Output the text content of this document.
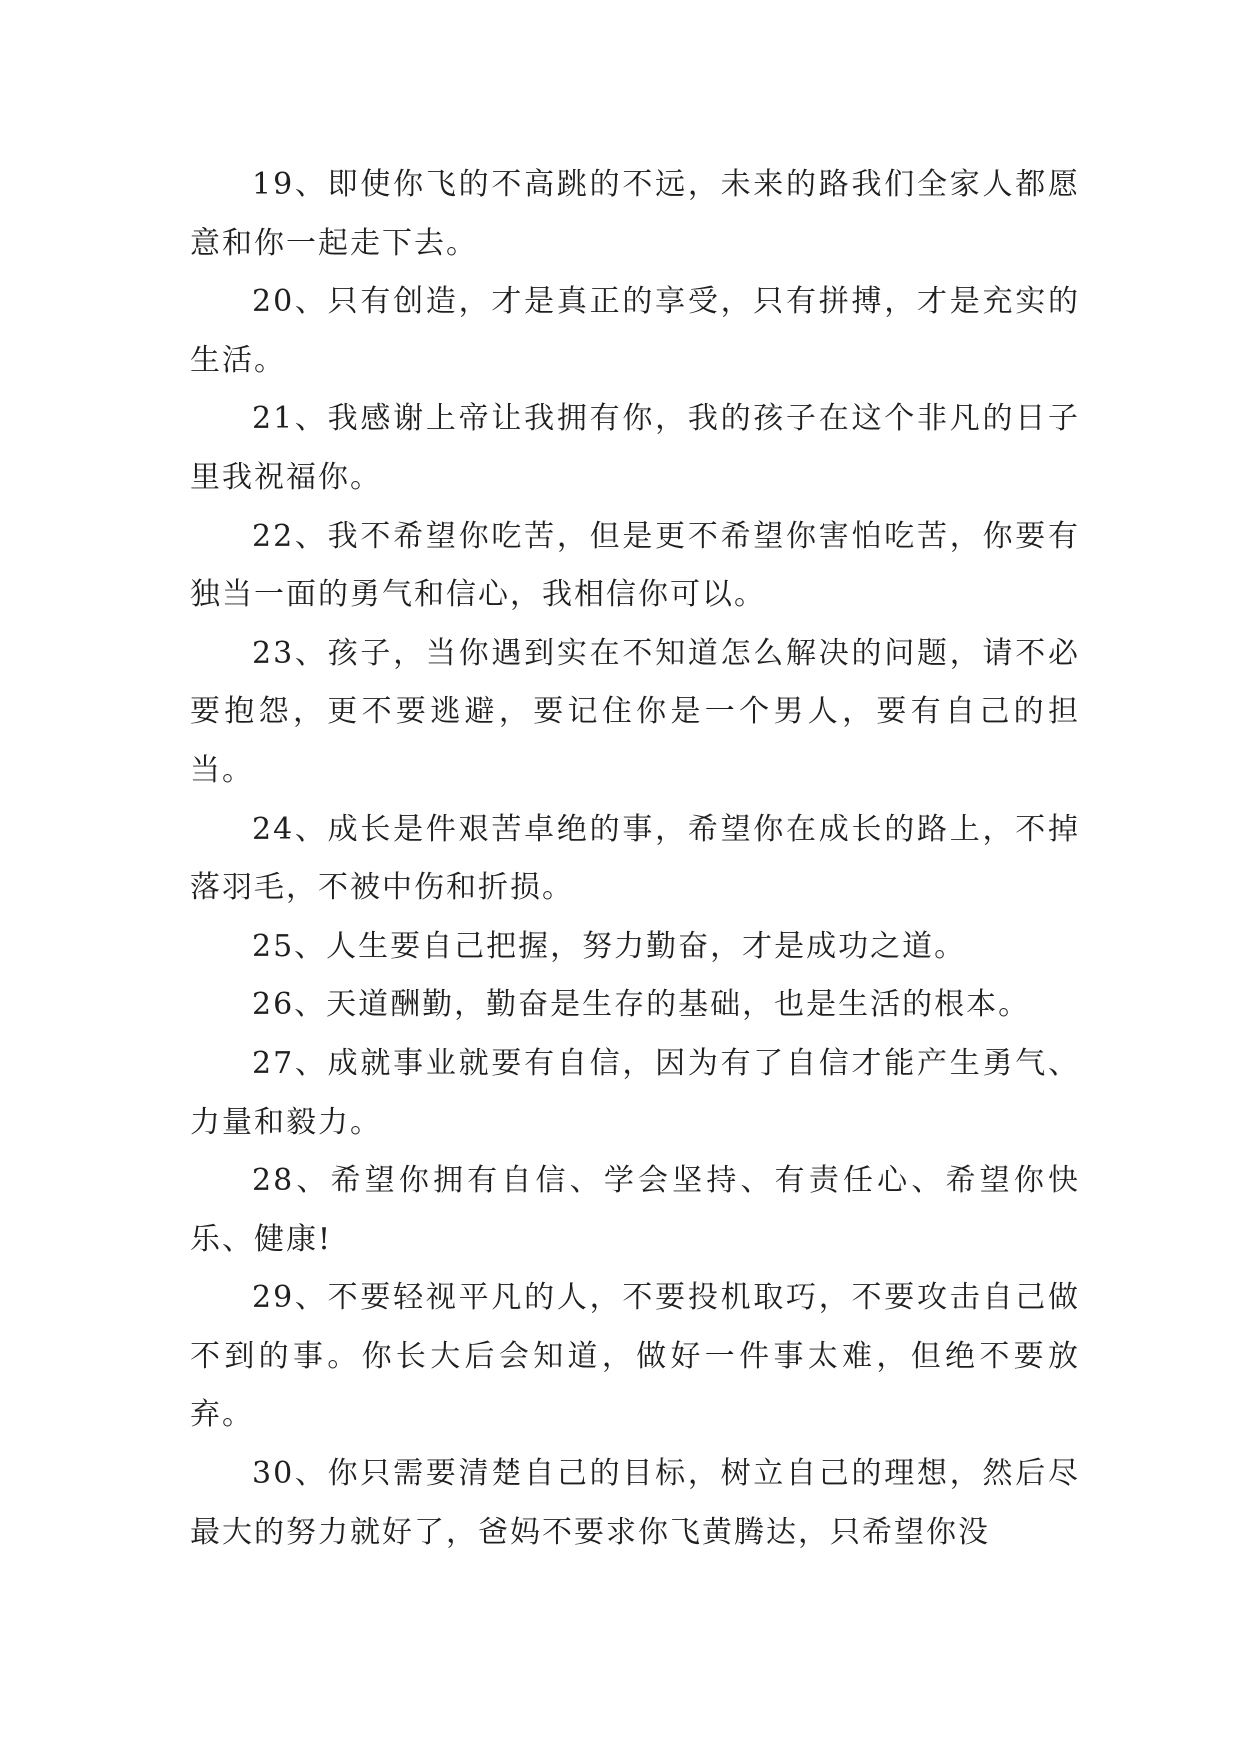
19、即使你飞的不高跳的不远，未来的路我们全家人都愿意和你一起走下去。

20、只有创造，才是真正的享受，只有拼搏，才是充实的生活。

21、我感谢上帝让我拥有你，我的孩子在这个非凡的日子里我祝福你。

22、我不希望你吃苦，但是更不希望你害怕吃苦，你要有独当一面的勇气和信心，我相信你可以。

23、孩子，当你遇到实在不知道怎么解决的问题，请不必要抱怨，更不要逃避，要记住你是一个男人，要有自己的担当。

24、成长是件艰苦卓绝的事，希望你在成长的路上，不掉落羽毛，不被中伤和折损。

25、人生要自己把握，努力勤奋，才是成功之道。

26、天道酬勤，勤奋是生存的基础，也是生活的根本。

27、成就事业就要有自信，因为有了自信才能产生勇气、力量和毅力。

28、希望你拥有自信、学会坚持、有责任心、希望你快乐、健康!

29、不要轻视平凡的人，不要投机取巧，不要攻击自己做不到的事。你长大后会知道，做好一件事太难，但绝不要放弃。

30、你只需要清楚自己的目标，树立自己的理想，然后尽最大的努力就好了，爸妈不要求你飞黄腾达，只希望你没
